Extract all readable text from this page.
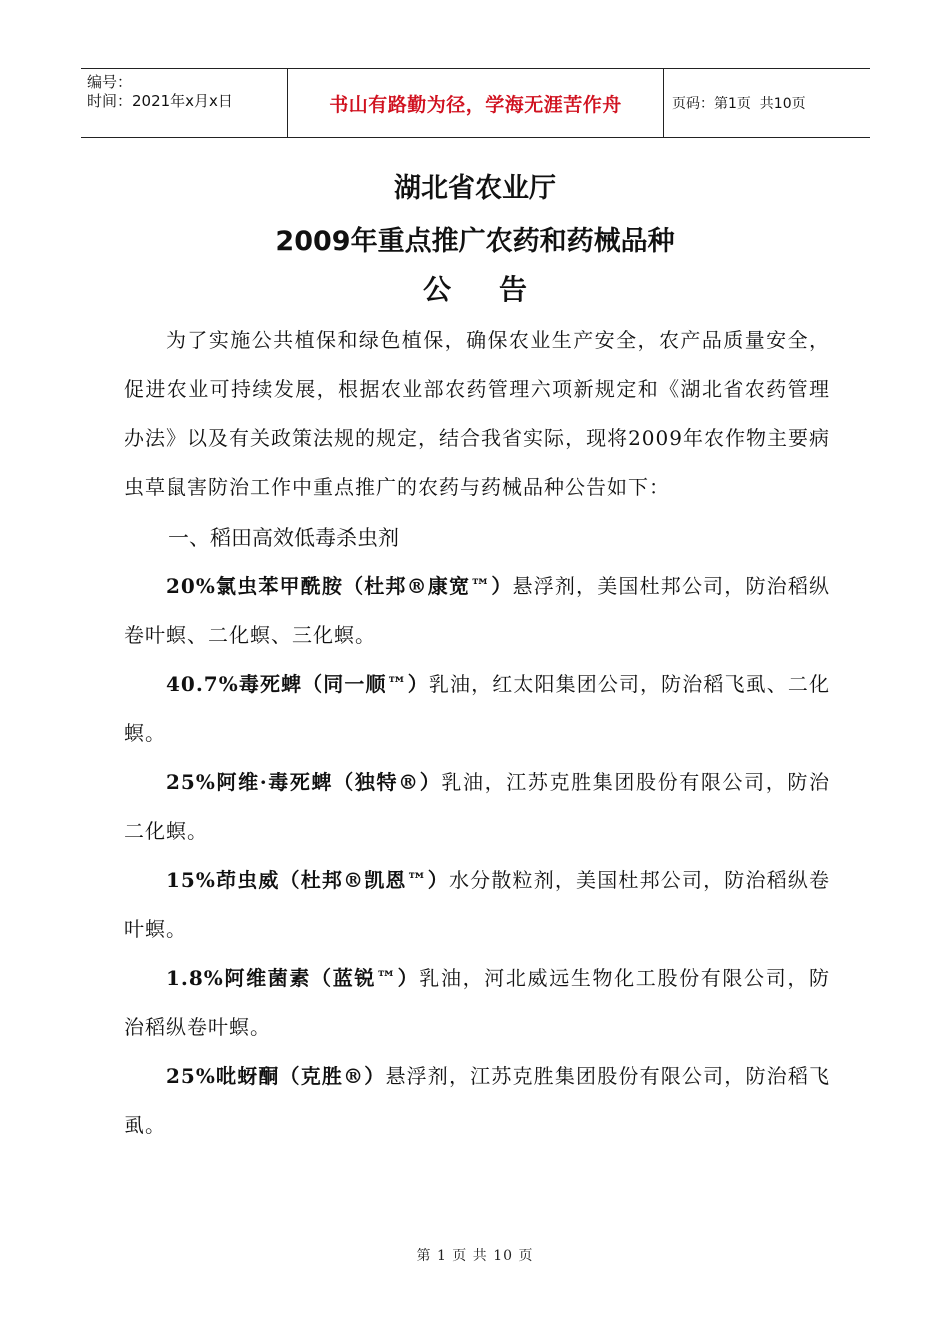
编号：
时间：2021年x月x日	书山有路勤为径，学海无涯苦作舟	页码：第1页  共10页
湖北省农业厅
2009年重点推广农药和药械品种
公告

为了实施公共植保和绿色植保，确保农业生产安全，农产品质量安全，促进农业可持续发展，根据农业部农药管理六项新规定和《湖北省农药管理办法》以及有关政策法规的规定，结合我省实际，现将2009年农作物主要病虫草鼠害防治工作中重点推广的农药与药械品种公告如下：

一、稻田高效低毒杀虫剂

20%氯虫苯甲酰胺（杜邦®康宽™）悬浮剂，美国杜邦公司，防治稻纵卷叶螟、二化螟、三化螟。

40.7%毒死蜱（同一顺™）乳油，红太阳集团公司，防治稻飞虱、二化螟。

25%阿维·毒死蜱（独特®）乳油，江苏克胜集团股份有限公司，防治二化螟。

15%茚虫威（杜邦®凯恩™）水分散粒剂，美国杜邦公司，防治稻纵卷叶螟。

1.8%阿维菌素（蓝锐™）乳油，河北威远生物化工股份有限公司，防治稻纵卷叶螟。

25%吡蚜酮（克胜®）悬浮剂，江苏克胜集团股份有限公司，防治稻飞虱。

第 1 页 共 10 页
